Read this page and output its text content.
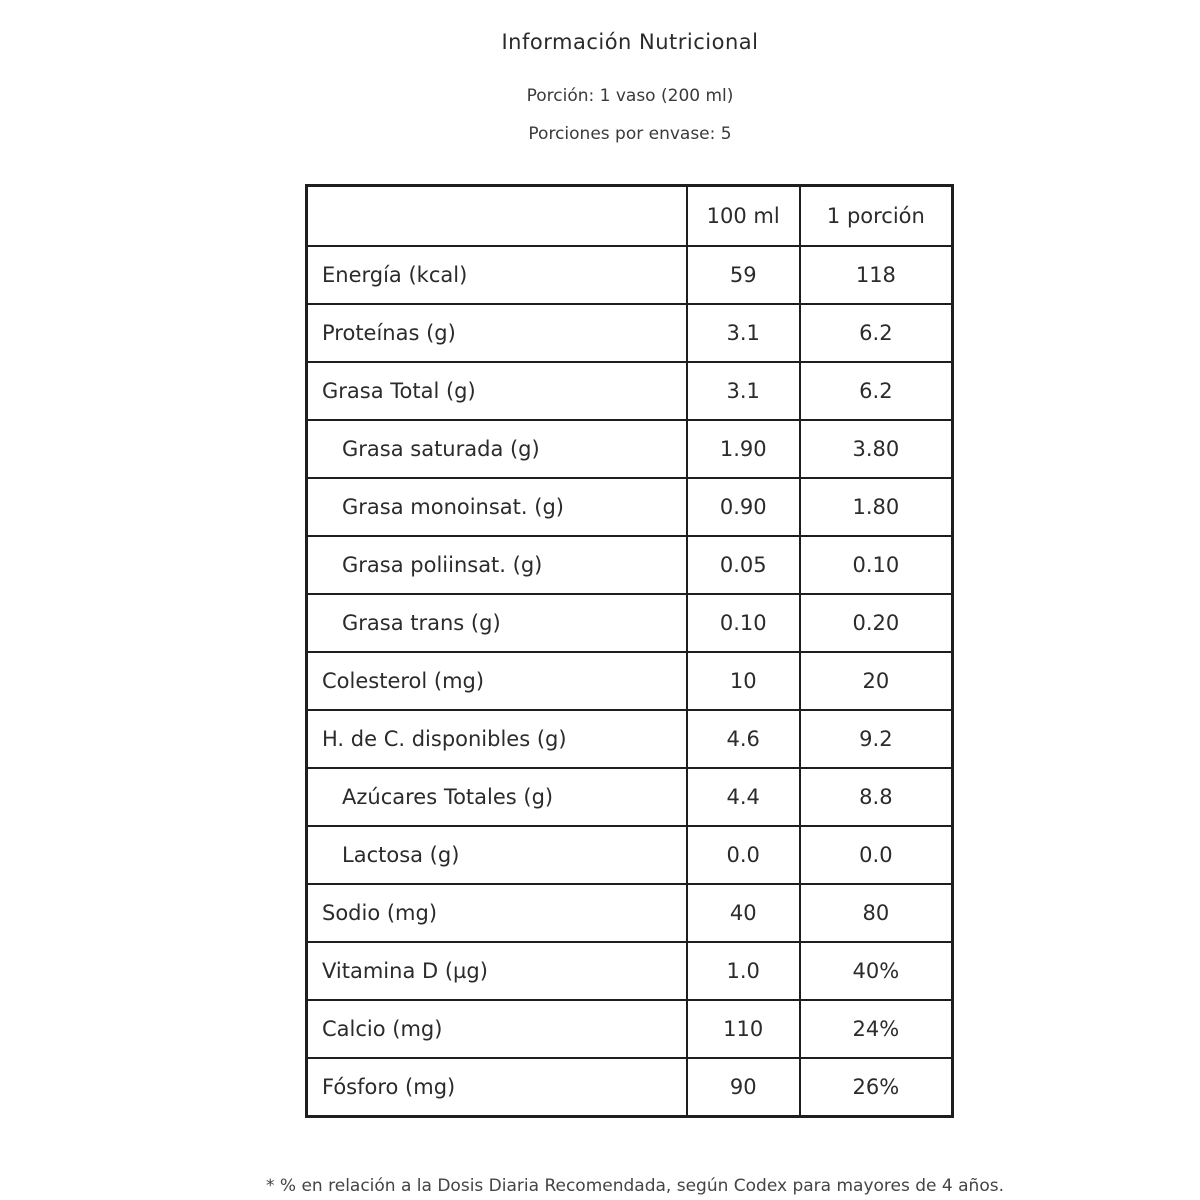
Información Nutricional
Porción: 1 vaso (200 ml)
Porciones por envase: 5
	100 ml	1 porción
Energía (kcal)	59	118
Proteínas (g)	3.1	6.2
Grasa Total (g)	3.1	6.2
Grasa saturada (g)	1.90	3.80
Grasa monoinsat. (g)	0.90	1.80
Grasa poliinsat. (g)	0.05	0.10
Grasa trans (g)	0.10	0.20
Colesterol (mg)	10	20
H. de C. disponibles (g)	4.6	9.2
Azúcares Totales (g)	4.4	8.8
Lactosa (g)	0.0	0.0
Sodio (mg)	40	80
Vitamina D (µg)	1.0	40%
Calcio (mg)	110	24%
Fósforo (mg)	90	26%
* % en relación a la Dosis Diaria Recomendada, según Codex para mayores de 4 años.
